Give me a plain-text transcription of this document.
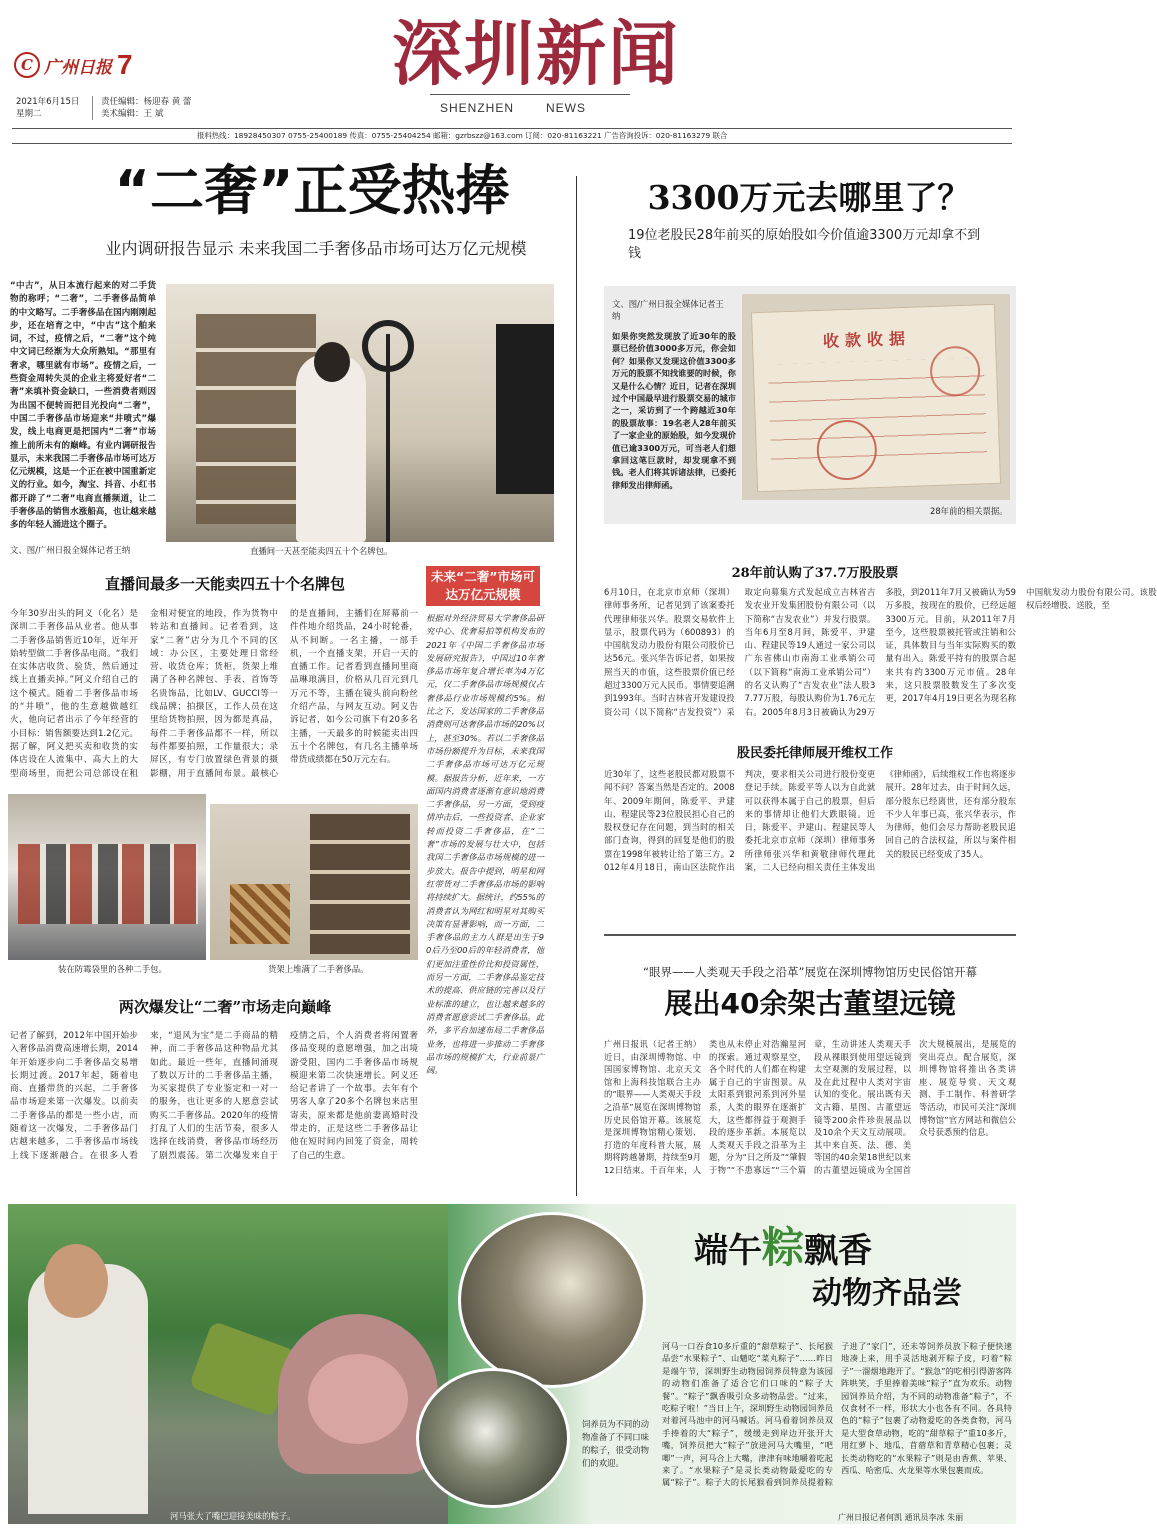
C 广州日报 7	深圳新闻
SHENZHEN	NEWS
2021年6月15日
星期二
责任编辑：杨迎春 黄 蕾
美术编辑：王 斌
报料热线：18928450307 0755-25400189 传真：0755-25404254 邮箱：gzrbszz@163.com 订阅：020-81163221 广告咨询投诉：020-81163279 联合
“二奢”正受热捧
业内调研报告显示 未来我国二手奢侈品市场可达万亿元规模
“中古”，从日本流行起来的对二手货物的称呼；“二奢”，二手奢侈品简单的中文略写。二手奢侈品在国内刚刚起步，还在培育之中，“中古”这个舶来词，不过，疫情之后，“二奢”这个纯中文词已经渐为大众所熟知。“那里有奢求，哪里就有市场”。疫情之后，一些资金周转失灵的企业主将爱好者“二奢”来填补资金缺口，一些消费者则因为出国不便转而把目光投向“二奢”，中国二手奢侈品市场迎来“井喷式”爆发，线上电商更是把国内“二奢”市场推上前所未有的巅峰。有业内调研报告显示，未来我国二手奢侈品市场可达万亿元规模，这是一个正在被中国重新定义的行业。如今，淘宝、抖音、小红书都开辟了“二奢”电商直播频道，让二手奢侈品的销售水涨船高，也让越来越多的年轻人涌进这个圈子。
文、图/广州日报全媒体记者王纳	直播间一天甚至能卖四五十个名牌包。
直播间最多一天能卖四五十个名牌包
今年30岁出头的阿义（化名）是深圳二手奢侈品从业者。他从事二手奢侈品销售近10年，近年开始转型做二手奢侈品电商。“我们在实体店收货、验货，然后通过线上直播卖掉。”阿义介绍自己的这个模式。随着二手奢侈品市场的“井喷”，他的生意越做越红火，他向记者出示了今年经营的小目标：销售额要达到1.2亿元。据了解，阿义把买卖和收货的实体店设在人流集中、高大上的大型商场里，而把公司总部设在租金相对便宜的地段，作为货物中转站和直播间。记者看到，这家“二奢”店分为几个不同的区域：办公区，主要处理日常经营、收货仓库；货柜，货架上堆满了各种名牌包、手表、首饰等名贵饰品，比如LV、GUCCI等一线品牌；拍摄区，工作人员在这里给货物拍照，因为都是真品，每件二手奢侈品都不一样，所以每件都要拍照，工作量很大；录屏区，有专门放置绿色背景的摄影棚，用于直播间布景。最核心的是直播间，主播们在屏幕前一件件地介绍货品，24小时轮番，从不间断。一名主播，一部手机，一个直播支架，开启一天的直播工作。记者看到直播间里商品琳琅满目，价格从几百元到几万元不等，主播在镜头前向粉丝介绍产品，与网友互动。阿义告诉记者，如今公司旗下有20多名主播，一天最多的时候能卖出四五十个名牌包，有几名主播单场带货成绩都在50万元左右。
未来“二奢”市场可达万亿元规模
根据对外经济贸易大学奢侈品研究中心、优奢易拍等机构发布的2021年《中国二手奢侈品市场发展研究报告》，中国过10年奢侈品市场年复合增长率为4万亿元，仅二手奢侈品市场规模仅占奢侈品行业市场规模约5%。相比之下，发达国家的二手奢侈品消费则可达奢侈品市场的20%以上，甚至30%。若以二手奢侈品市场份额提升为目标，未来我国二手奢侈品市场可达万亿元规模。据报告分析，近年来，一方面国内消费者逐渐有意识地消费二手奢侈品，另一方面，受到疫情冲击后，一些投资者、企业家转而投资二手奢侈品，在“二奢”市场的发展与壮大中，包括我国二手奢侈品市场规模的进一步放大。报告中提到，明星和网红带货对二手奢侈品市场的影响将持续扩大。据统计，约55%的消费者认为网红和明星对其购买决策有显著影响，而一方面，二手奢侈品的主力人群是出生于90后乃至00后的年轻消费者，他们更加注重性价比和投资属性，而另一方面，二手奢侈品鉴定技术的提高、供应链的完善以及行业标准的建立，也让越来越多的消费者愿意尝试二手奢侈品。此外，多平台加速布局二手奢侈品业务，也将进一步推动二手奢侈品市场的规模扩大，行业前景广阔。
装在防霉袋里的各种二手包。	货架上堆满了二手奢侈品。
两次爆发让“二奢”市场走向巅峰
记者了解到，2012年中国开始步入奢侈品消费高速增长期，2014年开始逐步向二手奢侈品交易增长期过渡。2017年起，随着电商、直播带货的兴起，二手奢侈品市场迎来第一次爆发。以前卖二手奢侈品的都是一些小店，而随着这一次爆发，二手奢侈品门店越来越多，二手奢侈品市场线上线下逐渐融合。在很多人看来，“退风为宝”是二手商品的精神，而二手奢侈品这种物品尤其如此。最近一些年，直播间涌现了数以万计的二手奢侈品主播，为买家提供了专业鉴定和一对一的服务，也让更多的人愿意尝试购买二手奢侈品。2020年的疫情打乱了人们的生活节奏，很多人选择在线消费，奢侈品市场经历了剧烈震荡。第二次爆发来自于疫情之后，个人消费者将闲置奢侈品变现的意愿增强，加之出境游受阻，国内二手奢侈品市场规模迎来第二次快速增长。阿义还给记者讲了一个故事。去年有个男客人拿了20多个名牌包来店里寄卖，原来都是他前妻离婚时没带走的，正是这些二手奢侈品让他在短时间内回笼了资金，周转了自己的生意。
3300万元去哪里了？
19位老股民28年前买的原始股如今价值逾3300万元却拿不到钱
文、图/广州日报全媒体记者王纳
如果你突然发现放了近30年的股票已经价值3000多万元，你会如何？如果你又发现这价值3300多万元的股票不知找谁要的时候，你又是什么心情？近日，记者在深圳过个中国最早进行股票交易的城市之一，采访到了一个跨越近30年的股票故事：19名老人28年前买了一家企业的原始股，如今发现价值已逾3300万元，可当老人们想拿回这笔巨款时，却发现拿不到钱。老人们将其诉诸法律，已委托律师发出律师函。
收款收据
28年前的相关票据。
28年前认购了37.7万股股票
6月10日，在北京市京师（深圳）律师事务所，记者见到了该案委托代理律师张兴华。股票交易软件上显示，股票代码为（600893）的中国航发动力股份有限公司股价已达56元。张兴华告诉记者，如果按照当天的市值，这些股票价值已经超过3300万元人民币。事情要追溯到1993年。当时吉林省开发建设投资公司（以下简称“吉发投资”）采取定向募集方式发起成立吉林省吉发农业开发集团股份有限公司（以下简称“吉发农业”）并发行股票。当年6月至8月间，陈爱平、尹建山、程建民等19人通过一家公司以广东省佛山市南海工业承销公司（以下简称“南海工业承销公司”）的名义认购了“吉发农业”法人股37.77万股，每股认购价为1.76元左右。2005年8月3日被确认为29万多股，到2011年7月又被确认为59万多股，按现在的股价，已经远超3300万元。目前，从2011年7月至今，这些股票被托管或注销和公证，具体数目与当年实际购买的数量有出入。陈爱平持有的股票合起来共有约3300万元市值。28年来，这只股票股数发生了多次变更，2017年4月19日更名为现名称中国航发动力股份有限公司。该股权后经增股、送股，至
股民委托律师展开维权工作
近30年了，这些老股民都对股票不闻不问？答案当然是否定的。2008年、2009年期间，陈爱平、尹建山、程建民等23位股民担心自己的股权登记存在问题，到当时的相关部门查询，得到的回复是他们的股票在1998年被转让给了第三方。2012年4月18日，南山区法院作出判决，要求相关公司进行股份变更登记手续。陈爱平等人以为自此就可以获得本属于自己的股票，但后来的事情却让他们大跌眼镜。近日，陈爱平、尹建山、程建民等人委托北京市京师（深圳）律师事务所律师张兴华和黄敬律师代理此案，二人已经向相关责任主体发出《律师函》，后续维权工作也将逐步展开。28年过去，由于时间久远，部分股东已经离世，还有部分股东不少人年事已高，张兴华表示，作为律师，他们会尽力帮助老股民追回自己的合法权益，所以与案件相关的股民已经变成了35人。
“眼界——人类观天手段之沿革”展览在深圳博物馆历史民俗馆开幕
展出40余架古董望远镜
广州日报讯（记者王纳）近日，由深圳博物馆、中国国家博物馆、北京天文馆和上海科技馆联合主办的“眼界——人类观天手段之沿革”展览在深圳博物馆历史民俗馆开幕。该展览是深圳博物馆精心策划、打造的年度科普大展，展期将跨越暑期，持续至9月12日结束。千百年来，人类也从未停止对浩瀚星河的探索。通过观察星空，各个时代的人们都在构建属于自己的宇宙图景。从太阳系到银河系到河外星系，人类的眼界在逐渐扩大，这些都得益于观测手段的逐步革新。本展览以人类观天手段之沿革为主题，分为“日之所及”“肇假于物”“不患寡远”“三个篇章，生动讲述人类观天手段从裸眼到使用望远镜到太空观测的发展过程，以及在此过程中人类对宇宙认知的变化。展出既有天文古籍、星图、古董望远镜等200余件珍贵展品以及10余个天文互动展项。其中来自英、法、德、美等国的40余架18世纪以来的古董望远镜成为全国首次大规模展出，是展览的突出亮点。配合展览，深圳博物馆将推出各类讲座、展览导赏、天文观测、手工制作、科普研学等活动，市民可关注“深圳博物馆”官方网站和微信公众号获悉预约信息。
饲养员为不同的动物准备了不同口味的粽子，很受动物们的欢迎。
河马张大了嘴巴迎接美味的粽子。
端午粽飘香
动物齐品尝
河马一口吞食10多斤重的“甜草粽子”、长尾猴品尝“水果粽子”、山魈吃“菜丸粽子”……昨日是端午节，深圳野生动物园饲养员特意为该园的动物们准备了适合它们口味的“粽子大餐”。“粽子”飘香吸引众多动物品尝。“过来，吃粽子啦！”当日上午，深圳野生动物园饲养员对着河马池中的河马喊话。河马看着饲养员双手捧着的大“粽子”，缓缓走到岸边开张开大嘴，饲养员把大“粽子”放进河马大嘴里，“吧唧”一声，河马合上大嘴，津津有味地嚼着吃起来了。“水果粽子”是灵长类动物最爱吃的专属“粽子”。粽子大的长尾猴看到饲养员提着粽子进了“家门”，还未等饲养员放下粽子便快速地凑上来，用手灵活地剥开粽子皮，叼着“粽子”一溜烟地跑开了。“猴急”的吃相引得游客阵阵哄笑，手里捧着美味“粽子”直为欢乐。动物园饲养员介绍，为不同的动物准备“粽子”，不仅食材不一样，形状大小也各有不同。各具特色的“粽子”包裹了动物爱吃的各类食物，河马是大型食草动物，吃的“甜草粽子”重10多斤，用红萝卜、地瓜、苜蓿草和青草精心包裹；灵长类动物吃的“水果粽子”则是由香蕉、苹果、西瓜、哈密瓜、火龙果等水果包裹而成。
广州日报记者何凯 通讯员李冰 朱丽
